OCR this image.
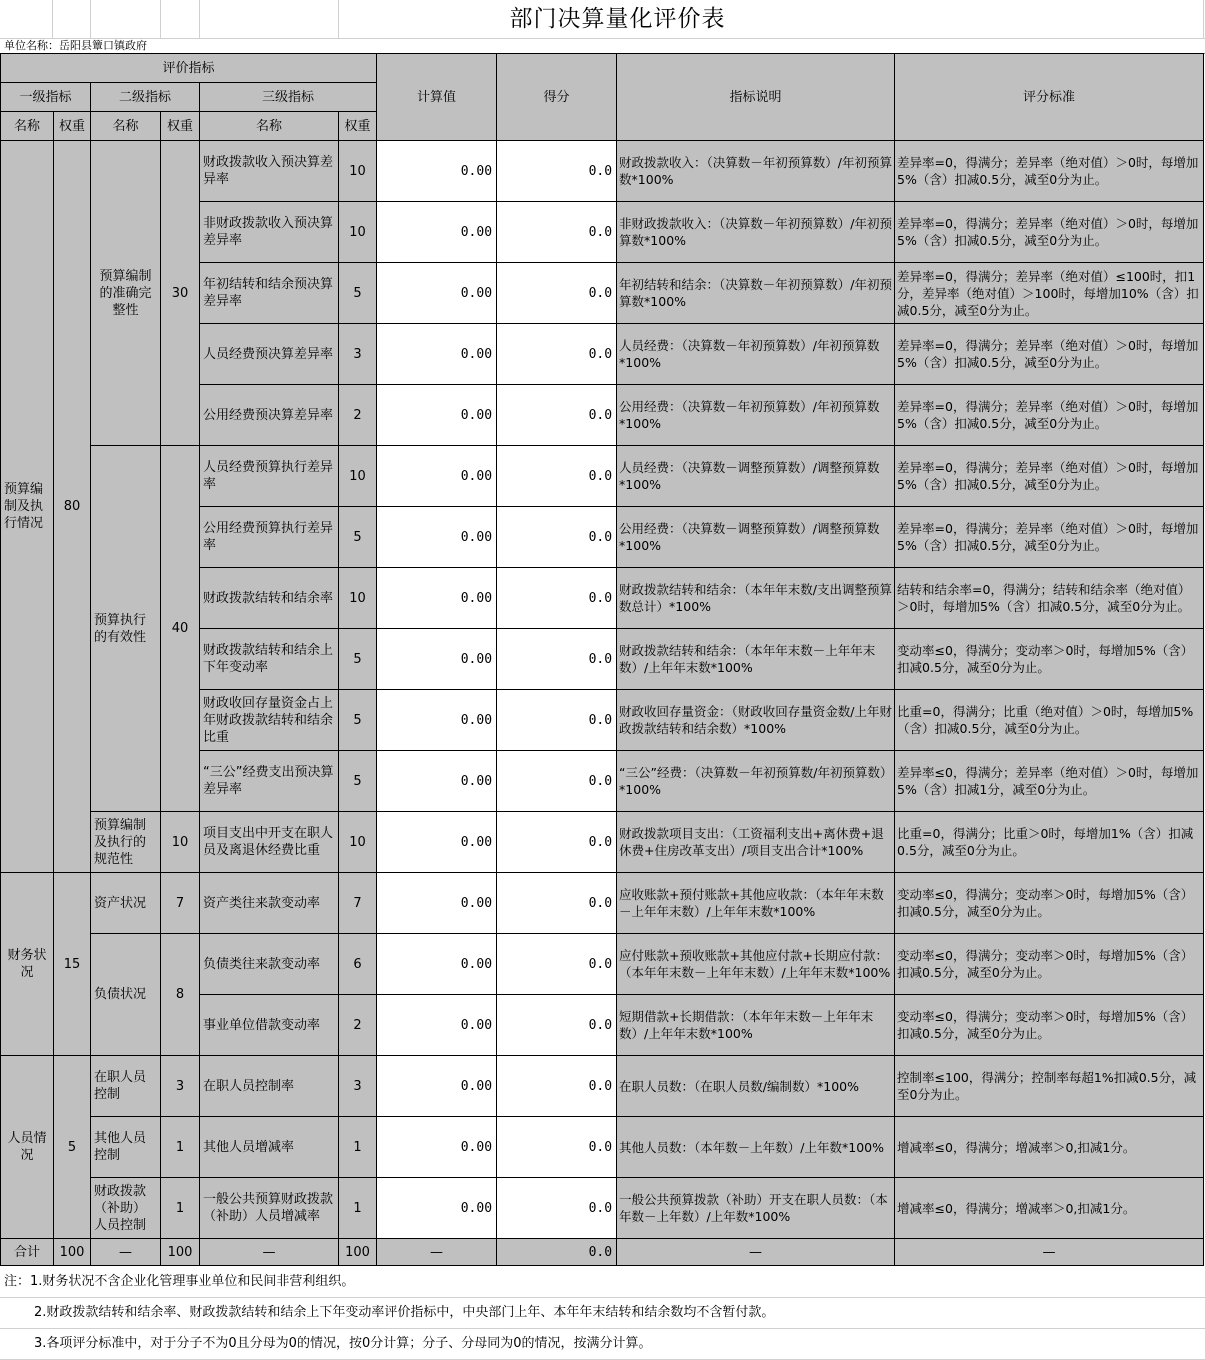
部门决算量化评价表
单位名称：岳阳县簟口镇政府
评价指标						计算值	得分	指标说明	评分标准
一级指标		二级指标		三级指标					
名称	权重	名称	权重	名称	权重				
预算编制及执行情况	80	预算编制的准确完整性	30	财政拨款收入预决算差异率	10	0.00	0.0	财政拨款收入：（决算数－年初预算数）/年初预算数*100%	差异率=0，得满分；差异率（绝对值）＞0时，每增加5%（含）扣减0.5分，减至0分为止。
				非财政拨款收入预决算差异率	10	0.00	0.0	非财政拨款收入：（决算数－年初预算数）/年初预算数*100%	差异率=0，得满分；差异率（绝对值）＞0时，每增加5%（含）扣减0.5分，减至0分为止。
				年初结转和结余预决算差异率	5	0.00	0.0	年初结转和结余：（决算数－年初预算数）/年初预算数*100%	差异率=0，得满分；差异率（绝对值）≤100时，扣1分，差异率（绝对值）＞100时，每增加10%（含）扣减0.5分，减至0分为止。
				人员经费预决算差异率	3	0.00	0.0	人员经费：（决算数－年初预算数）/年初预算数*100%	差异率=0，得满分；差异率（绝对值）＞0时，每增加5%（含）扣减0.5分，减至0分为止。
				公用经费预决算差异率	2	0.00	0.0	公用经费：（决算数－年初预算数）/年初预算数*100%	差异率=0，得满分；差异率（绝对值）＞0时，每增加5%（含）扣减0.5分，减至0分为止。
		预算执行的有效性	40	人员经费预算执行差异率	10	0.00	0.0	人员经费：（决算数－调整预算数）/调整预算数*100%	差异率=0，得满分；差异率（绝对值）＞0时，每增加5%（含）扣减0.5分，减至0分为止。
				公用经费预算执行差异率	5	0.00	0.0	公用经费：（决算数－调整预算数）/调整预算数*100%	差异率=0，得满分；差异率（绝对值）＞0时，每增加5%（含）扣减0.5分，减至0分为止。
				财政拨款结转和结余率	10	0.00	0.0	财政拨款结转和结余：（本年年末数/支出调整预算数总计）*100%	结转和结余率=0，得满分；结转和结余率（绝对值）＞0时，每增加5%（含）扣减0.5分，减至0分为止。
				财政拨款结转和结余上下年变动率	5	0.00	0.0	财政拨款结转和结余：（本年年末数－上年年末数）/上年年末数*100%	变动率≤0，得满分；变动率＞0时，每增加5%（含）扣减0.5分，减至0分为止。
				财政收回存量资金占上年财政拨款结转和结余比重	5	0.00	0.0	财政收回存量资金：（财政收回存量资金数/上年财政拨款结转和结余数）*100%	比重=0，得满分；比重（绝对值）＞0时，每增加5%（含）扣减0.5分，减至0分为止。
				“三公”经费支出预决算差异率	5	0.00	0.0	“三公”经费：（决算数－年初预算数/年初预算数）*100%	差异率≤0，得满分；差异率（绝对值）＞0时，每增加5%（含）扣减1分，减至0分为止。
		预算编制及执行的规范性	10	项目支出中开支在职人员及离退休经费比重	10	0.00	0.0	财政拨款项目支出：（工资福利支出+离休费+退休费+住房改革支出）/项目支出合计*100%	比重=0，得满分；比重＞0时，每增加1%（含）扣减0.5分，减至0分为止。
财务状况	15	资产状况	7	资产类往来款变动率	7	0.00	0.0	应收账款+预付账款+其他应收款：（本年年末数－上年年末数）/上年年末数*100%	变动率≤0，得满分；变动率＞0时，每增加5%（含）扣减0.5分，减至0分为止。
		负债状况	8	负债类往来款变动率	6	0.00	0.0	应付账款+预收账款+其他应付款+长期应付款：（本年年末数－上年年末数）/上年年末数*100%	变动率≤0，得满分；变动率＞0时，每增加5%（含）扣减0.5分，减至0分为止。
				事业单位借款变动率	2	0.00	0.0	短期借款+长期借款：（本年年末数－上年年末数）/上年年末数*100%	变动率≤0，得满分；变动率＞0时，每增加5%（含）扣减0.5分，减至0分为止。
人员情况	5	在职人员控制	3	在职人员控制率	3	0.00	0.0	在职人员数：（在职人员数/编制数）*100%	控制率≤100，得满分；控制率每超1%扣减0.5分，减至0分为止。
		其他人员控制	1	其他人员增减率	1	0.00	0.0	其他人员数：（本年数－上年数）/上年数*100%	增减率≤0，得满分；增减率＞0,扣减1分。
		财政拨款（补助）人员控制	1	一般公共预算财政拨款（补助）人员增减率	1	0.00	0.0	一般公共预算拨款（补助）开支在职人员数：（本年数－上年数）/上年数*100%	增减率≤0，得满分；增减率＞0,扣减1分。
合计	100	—	100	—	100	—	0.0	—	—
注：1.财务状况不含企业化管理事业单位和民间非营利组织。
2.财政拨款结转和结余率、财政拨款结转和结余上下年变动率评价指标中，中央部门上年、本年年末结转和结余数均不含暂付款。
3.各项评分标准中，对于分子不为0且分母为0的情况，按0分计算；分子、分母同为0的情况，按满分计算。
